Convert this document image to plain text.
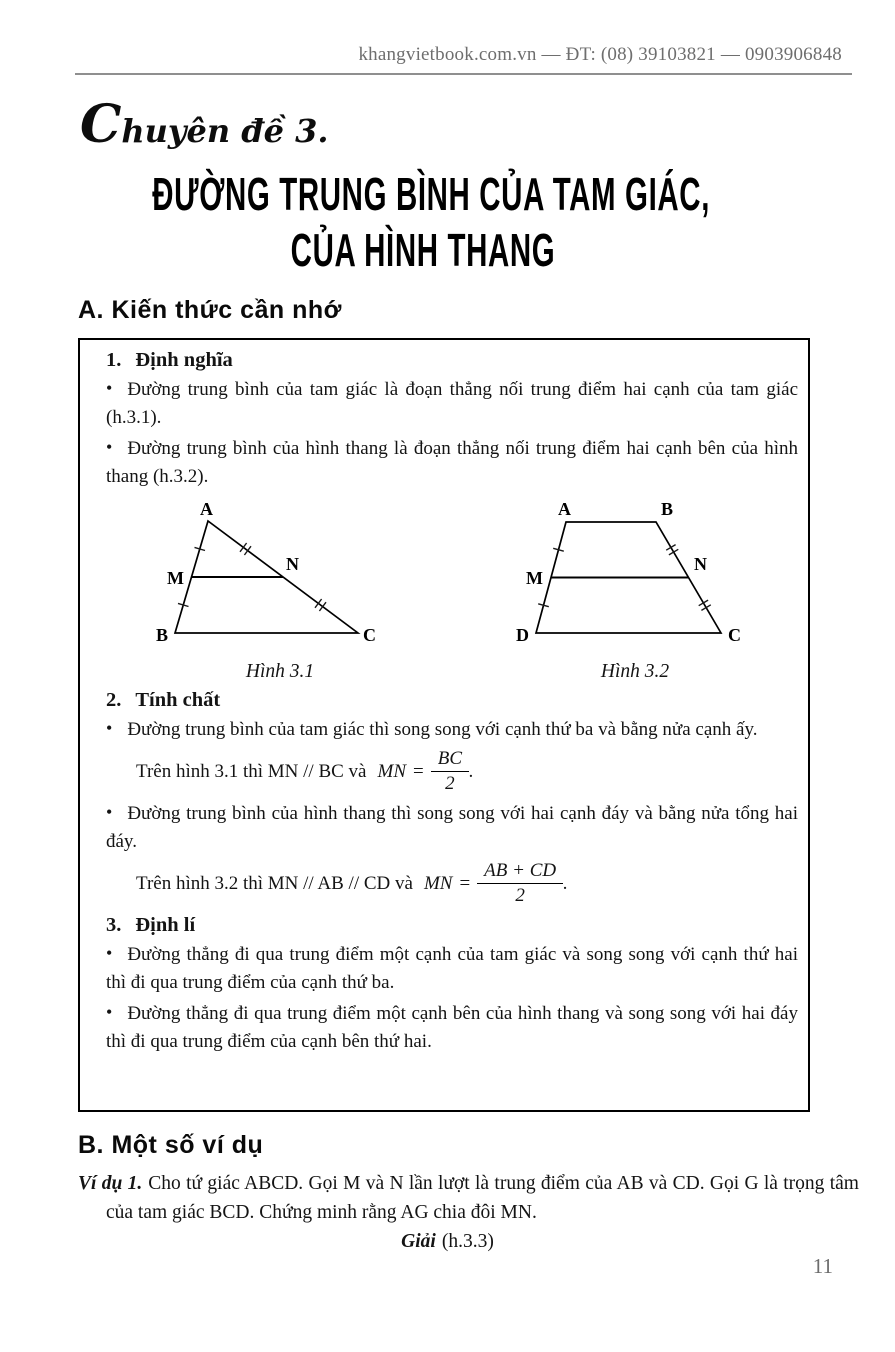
khangvietbook.com.vn — ĐT: (08) 39103821 — 0903906848
Chuyên đề 3.
ĐƯỜNG TRUNG BÌNH CỦA TAM GIÁC,
CỦA HÌNH THANG
A. Kiến thức cần nhớ
1. Định nghĩa

• Đường trung bình của tam giác là đoạn thẳng nối trung điểm hai cạnh của tam giác (h.3.1).

• Đường trung bình của hình thang là đoạn thẳng nối trung điểm hai cạnh bên của hình thang (h.3.2).

A
B	C
M
N
Hình 3.1
A	B
C
D
M
N
Hình 3.2
2. Tính chất

• Đường trung bình của tam giác thì song song với cạnh thứ ba và bằng nửa cạnh ấy.

Trên hình 3.1 thì MN // BC và MN = $\frac{BC}{2}$ .

• Đường trung bình của hình thang thì song song với hai cạnh đáy và bằng nửa tổng hai đáy.

Trên hình 3.2 thì MN // AB // CD và MN = $\frac{AB + CD}{2}$ .
3. Định lí

• Đường thẳng đi qua trung điểm một cạnh của tam giác và song song với cạnh thứ hai thì đi qua trung điểm của cạnh thứ ba.

• Đường thẳng đi qua trung điểm một cạnh bên của hình thang và song song với hai đáy thì đi qua trung điểm của cạnh bên thứ hai.

B. Một số ví dụ
Ví dụ 1. Cho tứ giác ABCD. Gọi M và N lần lượt là trung điểm của AB và CD. Gọi G là trọng tâm của tam giác BCD. Chứng minh rằng AG chia đôi MN.
Giải (h.3.3)
11
